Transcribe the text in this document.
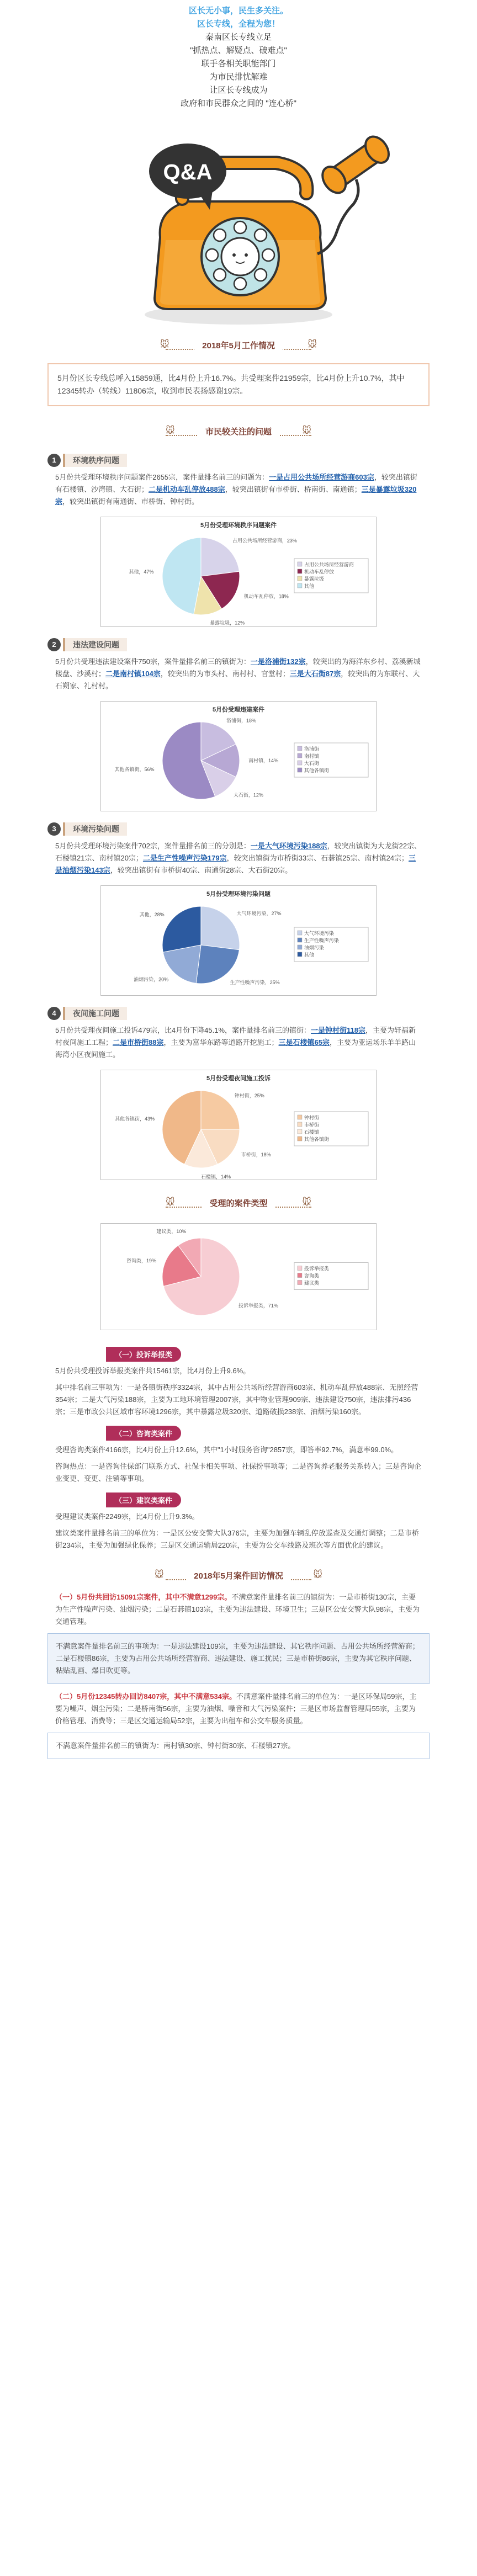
区长无小事，民生多关注。

区长专线，全程为您！

秦南区长专线立足

"抓热点、解疑点、破难点"

联手各相关职能部门

为市民排忧解难

让区长专线成为

政府和市民群众之间的 "连心桥"

Q&A
🐭	2018年5月工作情况	🐭

5月份区长专线总呼入15859通，比4月份上升16.7%。共受理案件21959宗，比4月份上升10.7%，其中12345转办（转线）11806宗，收到市民表扬感谢19宗。

🐭	市民较关注的问题	🐭
1	环境秩序问题

5月份共受理环境秩序问题案件2655宗，案件量排名前三的问题为：一是占用公共场所经营游商603宗，较突出镇街有石楼镇、沙湾镇、大石街；二是机动车乱停放488宗，较突出镇街有市桥街、桥南街、南通镇；三是暴露垃圾320宗，较突出镇街有南通街、市桥街、钟村街。

5月份受理环境秩序问题案件
占用公共场所经营游商，23%
机动车乱停放，18%
暴露垃圾，12%
其他，47%
占用公共场所经营游商
机动车乱停放
暴露垃圾
其他
2	违法建设问题

5月份共受理违法建设案件750宗，案件量排名前三的镇街为：一是洛浦街132宗，较突出的为海洋东乡村、荔溪新城楼盘、沙溪村；二是南村镇104宗，较突出的为市头村、南村村、官堂村；三是大石街87宗，较突出的为东联村、大石朔家、礼村村。

5月份受理违建案件
洛浦街，18%
南村镇，14%
大石街，12%
其他各镇街，56%
洛浦街
南村镇
大石街
其他各镇街
3	环境污染问题

5月份共受理环境污染案件702宗，案件量排名前三的分别是：一是大气环境污染188宗，较突出镇街为大龙街22宗、石楼镇21宗、南村镇20宗；二是生产性噪声污染179宗，较突出镇街为市桥街33宗、石碁镇25宗、南村镇24宗；三是油烟污染143宗，较突出镇街有市桥街40宗、南通街28宗、大石街20宗。

5月份受理环境污染问题
大气环境污染，27%
生产性噪声污染，25%
油烟污染，20%
其他，28%
大气环境污染
生产性噪声污染
油烟污染
其他
4	夜间施工问题

5月份共受理夜间施工投诉479宗，比4月份下降45.1%，案件量排名前三的镇街：一是钟村街118宗，主要为轩福新村夜间施工工程；二是市桥街88宗，主要为富华东路等道路开挖施工；三是石楼镇65宗，主要为亚运场乐羊羊路山海湾小区夜间施工。

5月份受理夜间施工投诉
钟村街，25%
市桥街，18%
石楼镇，14%
其他各镇街，43%	钟村街
市桥街
石楼镇
其他各镇街
🐭	受理的案件类型	🐭
投诉举报类，71%
咨询类，19%
建议类，10%
投诉举报类
咨询类
建议类
（一）投诉举报类

5月份共受理投诉举报类案件共15461宗，比4月份上升9.6%。

其中排名前三事项为：一是各镇街秩序3324宗，其中占用公共场所经营游商603宗、机动车乱停放488宗、无照经营354宗；二是大气污染188宗，主要为工地环境管理2007宗，其中物业管理909宗、违法建设750宗，违法排污436宗；三是市政公共区域市容环境1296宗，其中暴露垃圾320宗、道路破损238宗、油烟污染160宗。

（二）咨询类案件

受理咨询类案件4166宗，比4月份上升12.6%，其中"1小时服务咨询"2857宗，即答率92.7%，满意率99.0%。

咨询热点：一是咨询住保部门联系方式、社保卡相关事项、社保扮事项等；二是咨询养老服务关系转入；三是咨询企业变更、变更、注销等事项。

（三）建议类案件

受理建议类案件2249宗，比4月份上升9.3%。

建议类案件量排名前三的单位为：一是区公安交警大队376宗，主要为加强车辆乱停放巡查及交通灯调整；二是市桥街234宗，主要为加强绿化保养；三是区交通运输局220宗，主要为公交车线路及班次等方面优化的建议。

🐭	2018年5月案件回访情况	🐭

（一）5月份共回访15091宗案件，其中不满意1299宗。不满意案件量排名前三的镇街为：一是市桥街130宗，主要为生产性噪声污染、油烟污染；二是石碁镇103宗，主要为违法建设、环境卫生；三是区公安交警大队98宗，主要为交通管理。

不满意案件量排名前三的事项为：一是违法建设109宗，主要为违法建设、其它秩序问题、占用公共场所经营游商；二是石楼镇86宗，主要为占用公共场所经营游商、违法建设、施工扰民；三是市桥街86宗，主要为其它秩序问题、粘贴乱画、爆目吹更等。

（二）5月份12345转办回访8407宗，其中不满意534宗。不满意案件量排名前三的单位为：一是区环保局59宗，主要为噪声、烟尘污染；二是桥南街56宗，主要为油烟、噪音和大气污染案件；三是区市场监督管理局55宗，主要为价格管理、消费等；三是区交通运输局52宗，主要为出租车和公交车服务质量。

不满意案件量排名前三的镇街为：南村镇30宗、钟村街30宗、石楼镇27宗。
